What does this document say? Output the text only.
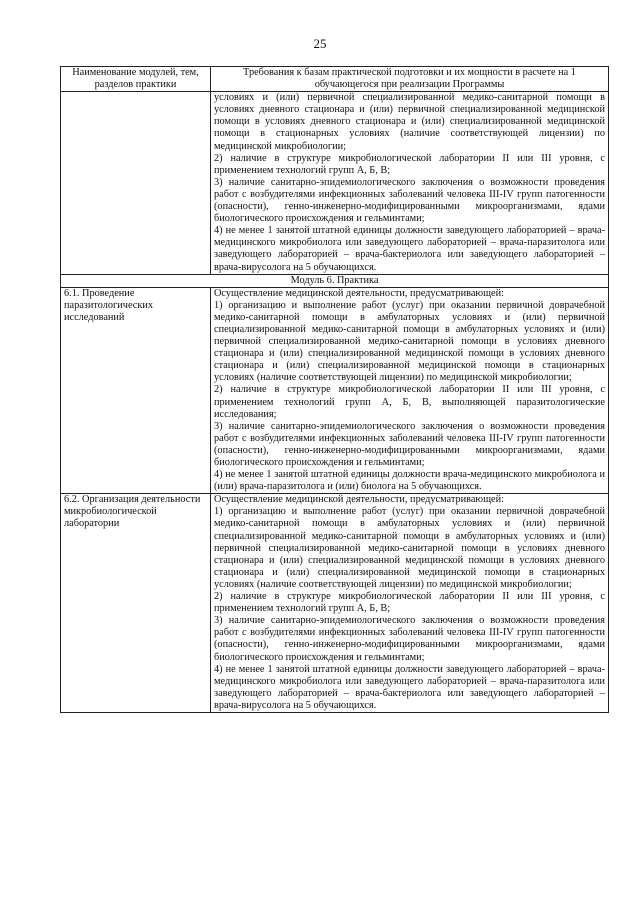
25
Наименование модулей, тем, разделов практики	Требования к базам практической подготовки и их мощности в расчете на 1 обучающегося при реализации Программы

	условиях и (или) первичной специализированной медико-санитарной помощи в условиях дневного стационара и (или) первичной специализированной медицинской помощи в условиях дневного стационара и (или) специализированной медицинской помощи в стационарных условиях (наличие соответствующей лицензии) по медицинской микробиологии;

2) наличие в структуре микробиологической лаборатории II или III уровня, с применением технологий групп А, Б, В;

3) наличие санитарно-эпидемиологического заключения о возможности проведения работ с возбудителями инфекционных заболеваний человека III-IV групп патогенности (опасности), генно-инженерно-модифицированными микроорганизмами, ядами биологического происхождения и гельминтами;

4) не менее 1 занятой штатной единицы должности заведующего лабораторией – врача-медицинского микробиолога или заведующего лабораторией – врача-паразитолога или заведующего лабораторией – врача-бактериолога или заведующего лабораторией – врача-вирусолога на 5 обучающихся.

Модуль 6. Практика	
6.1. Проведение паразитологических исследований	Осуществление медицинской деятельности, предусматривающей:

1) организацию и выполнение работ (услуг) при оказании первичной доврачебной медико-санитарной помощи в амбулаторных условиях и (или) первичной специализированной медико-санитарной помощи в амбулаторных условиях и (или) первичной специализированной медико-санитарной помощи в условиях дневного стационара и (или) специализированной медицинской помощи в условиях дневного стационара и (или) специализированной медицинской помощи в стационарных условиях (наличие соответствующей лицензии) по медицинской микробиологии;

2) наличие в структуре микробиологической лаборатории II или III уровня, с применением технологий групп А, Б, В, выполняющей паразитологические исследования;

3) наличие санитарно-эпидемиологического заключения о возможности проведения работ с возбудителями инфекционных заболеваний человека III-IV групп патогенности (опасности), генно-инженерно-модифицированными микроорганизмами, ядами биологического происхождения и гельминтами;

4) не менее 1 занятой штатной единицы должности врача-медицинского микробиолога и (или) врача-паразитолога и (или) биолога на 5 обучающихся.

6.2. Организация деятельности микробиологической лаборатории	Осуществление медицинской деятельности, предусматривающей:

1) организацию и выполнение работ (услуг) при оказании первичной доврачебной медико-санитарной помощи в амбулаторных условиях и (или) первичной специализированной медико-санитарной помощи в амбулаторных условиях и (или) первичной специализированной медико-санитарной помощи в условиях дневного стационара и (или) специализированной медицинской помощи в условиях дневного стационара и (или) специализированной медицинской помощи в стационарных условиях (наличие соответствующей лицензии) по медицинской микробиологии;

2) наличие в структуре микробиологической лаборатории II или III уровня, с применением технологий групп А, Б, В;

3) наличие санитарно-эпидемиологического заключения о возможности проведения работ с возбудителями инфекционных заболеваний человека III-IV групп патогенности (опасности), генно-инженерно-модифицированными микроорганизмами, ядами биологического происхождения и гельминтами;

4) не менее 1 занятой штатной единицы должности заведующего лабораторией – врача-медицинского микробиолога или заведующего лабораторией – врача-паразитолога или заведующего лабораторией – врача-бактериолога или заведующего лабораторией – врача-вирусолога на 5 обучающихся.
